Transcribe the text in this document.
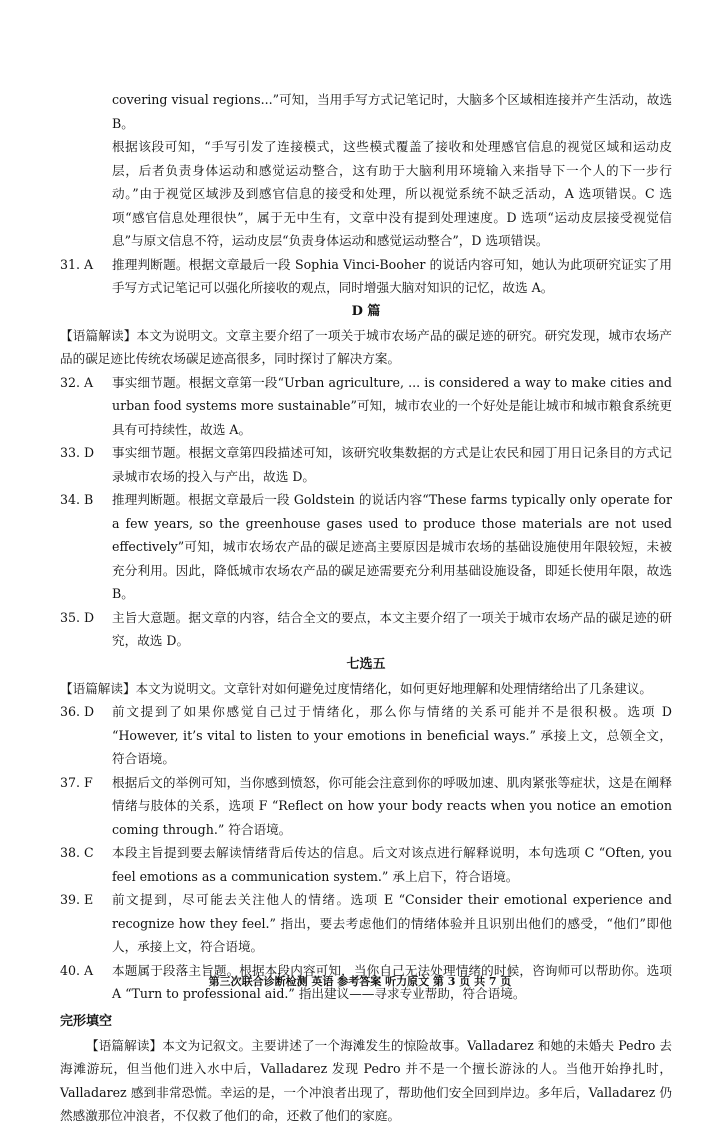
covering visual regions...”可知，当用手写方式记笔记时，大脑多个区域相连接并产生活动，故选 B。

根据该段可知，“手写引发了连接模式，这些模式覆盖了接收和处理感官信息的视觉区域和运动皮层，后者负责身体运动和感觉运动整合，这有助于大脑利用环境输入来指导下一个人的下一步行动。”由于视觉区域涉及到感官信息的接受和处理，所以视觉系统不缺乏活动，A 选项错误。C 选项“感官信息处理很快”，属于无中生有，文章中没有提到处理速度。D 选项“运动皮层接受视觉信息”与原文信息不符，运动皮层“负责身体运动和感觉运动整合”，D 选项错误。

31. A	推理判断题。根据文章最后一段 Sophia Vinci-Booher 的说话内容可知，她认为此项研究证实了用手写方式记笔记可以强化所接收的观点，同时增强大脑对知识的记忆，故选 A。

D 篇

【语篇解读】本文为说明文。文章主要介绍了一项关于城市农场产品的碳足迹的研究。研究发现，城市农场产品的碳足迹比传统农场碳足迹高很多，同时探讨了解决方案。

32. A	事实细节题。根据文章第一段“Urban agriculture, ... is considered a way to make cities and urban food systems more sustainable”可知，城市农业的一个好处是能让城市和城市粮食系统更具有可持续性，故选 A。
33. D	事实细节题。根据文章第四段描述可知，该研究收集数据的方式是让农民和园丁用日记条目的方式记录城市农场的投入与产出，故选 D。
34. B	推理判断题。根据文章最后一段 Goldstein 的说话内容“These farms typically only operate for a few years, so the greenhouse gases used to produce those materials are not used effectively”可知，城市农场农产品的碳足迹高主要原因是城市农场的基础设施使用年限较短，未被充分利用。因此，降低城市农场农产品的碳足迹需要充分利用基础设施设备，即延长使用年限，故选 B。
35. D	主旨大意题。据文章的内容，结合全文的要点，本文主要介绍了一项关于城市农场产品的碳足迹的研究，故选 D。

七选五

【语篇解读】本文为说明文。文章针对如何避免过度情绪化，如何更好地理解和处理情绪给出了几条建议。

36. D	前文提到了如果你感觉自己过于情绪化，那么你与情绪的关系可能并不是很积极。选项 D “However, it’s vital to listen to your emotions in beneficial ways.” 承接上文，总领全文，符合语境。
37. F	根据后文的举例可知，当你感到愤怒，你可能会注意到你的呼吸加速、肌肉紧张等症状，这是在阐释情绪与肢体的关系，选项 F “Reflect on how your body reacts when you notice an emotion coming through.” 符合语境。
38. C	本段主旨提到要去解读情绪背后传达的信息。后文对该点进行解释说明，本句选项 C “Often, you feel emotions as a communication system.” 承上启下，符合语境。
39. E	前文提到，尽可能去关注他人的情绪。选项 E “Consider their emotional experience and recognize how they feel.” 指出，要去考虑他们的情绪体验并且识别出他们的感受，“他们”即他人，承接上文，符合语境。
40. A	本题属于段落主旨题。根据本段内容可知，当你自己无法处理情绪的时候，咨询师可以帮助你。选项 A “Turn to professional aid.” 指出建议——寻求专业帮助，符合语境。

完形填空

【语篇解读】本文为记叙文。主要讲述了一个海滩发生的惊险故事。Valladarez 和她的未婚夫 Pedro 去海滩游玩，但当他们进入水中后，Valladarez 发现 Pedro 并不是一个擅长游泳的人。当他开始挣扎时，Valladarez 感到非常恐慌。幸运的是，一个冲浪者出现了，帮助他们安全回到岸边。多年后，Valladarez 仍然感激那位冲浪者，不仅救了他们的命，还救了他们的家庭。

第三次联合诊断检测 英语 参考答案 听力原文 第 3 页 共 7 页
